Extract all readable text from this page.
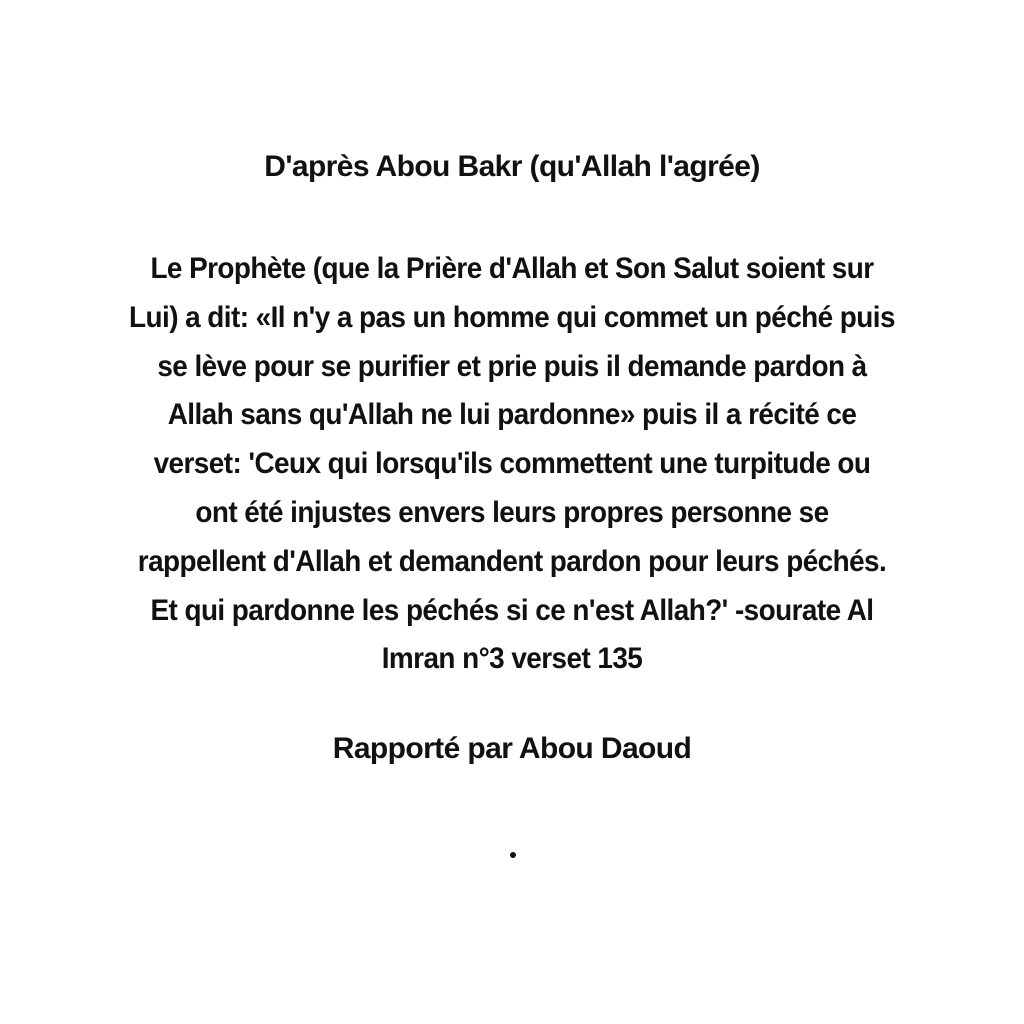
D'après Abou Bakr (qu'Allah l'agrée)
Le Prophète (que la Prière d'Allah et Son Salut soient sur
Lui) a dit: «Il n'y a pas un homme qui commet un péché puis
se lève pour se purifier et prie puis il demande pardon à
Allah sans qu'Allah ne lui pardonne» puis il a récité ce
verset: 'Ceux qui lorsqu'ils commettent une turpitude ou
ont été injustes envers leurs propres personne se
rappellent d'Allah et demandent pardon pour leurs péchés.
Et qui pardonne les péchés si ce n'est Allah?' -sourate Al
Imran n°3 verset 135
Rapporté par Abou Daoud
